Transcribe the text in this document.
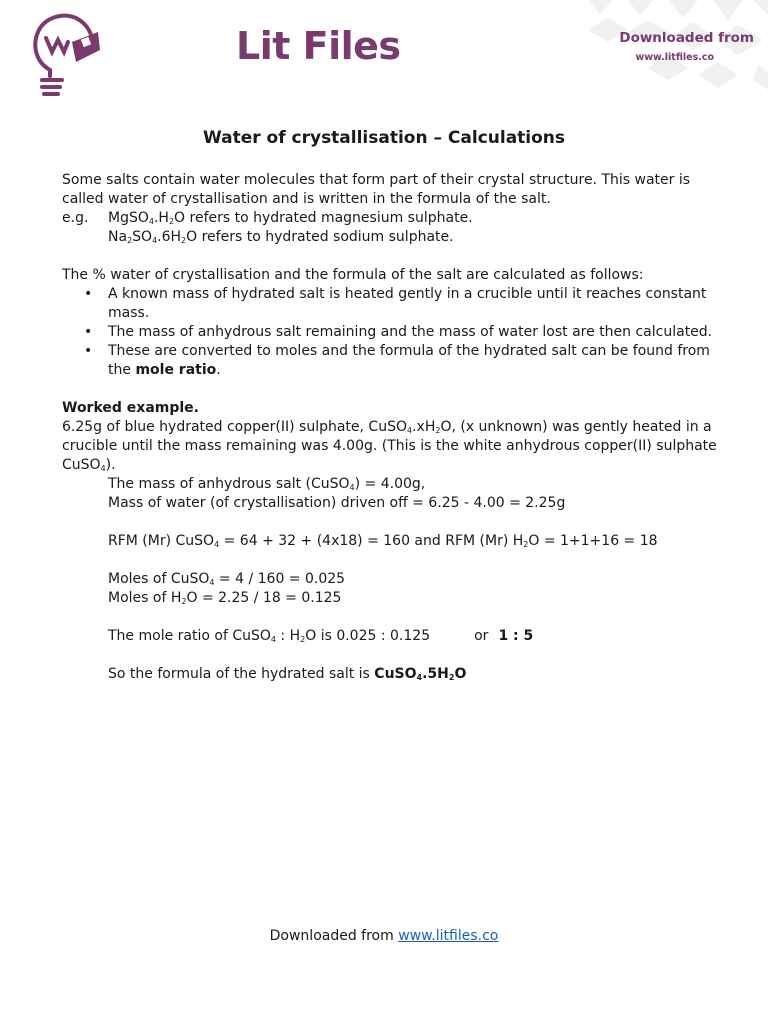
Lit Files	Downloaded from
www.litfiles.co
Water of crystallisation – Calculations

Some salts contain water molecules that form part of their crystal structure. This water is called water of crystallisation and is written in the formula of the salt.

e.g.	$MgSO_4.H_2O$ refers to hydrated magnesium sulphate.

$Na_2SO_4.6H_2O$ refers to hydrated sodium sulphate.

The % water of crystallisation and the formula of the salt are calculated as follows:

•	A known mass of hydrated salt is heated gently in a crucible until it reaches constant mass.
•	The mass of anhydrous salt remaining and the mass of water lost are then calculated.
•	These are converted to moles and the formula of the hydrated salt can be found from the mole ratio.

Worked example.

6.25g of blue hydrated copper(II) sulphate, $CuSO_4.xH_2O$, (x unknown) was gently heated in a crucible until the mass remaining was 4.00g. (This is the white anhydrous copper(II) sulphate CuSO$_4$).

The mass of anhydrous salt (CuSO$_4$) = 4.00g,

Mass of water (of crystallisation) driven off = 6.25 - 4.00 = 2.25g

RFM (Mr) CuSO$_4$ = 64 + 32 + (4x18) = 160 and RFM (Mr) $H_2O = 1+1+16 = 18$

Moles of CuSO$_4$ = 4 / 160 = 0.025

Moles of $H_2O = 2.25 / 18 = 0.125$

The mole ratio of CuSO$_4$ : $H_2O$ is 0.025 : 0.125	or 1 : 5

So the formula of the hydrated salt is $CuSO_4.5H_2O$

Downloaded from www.litfiles.co
